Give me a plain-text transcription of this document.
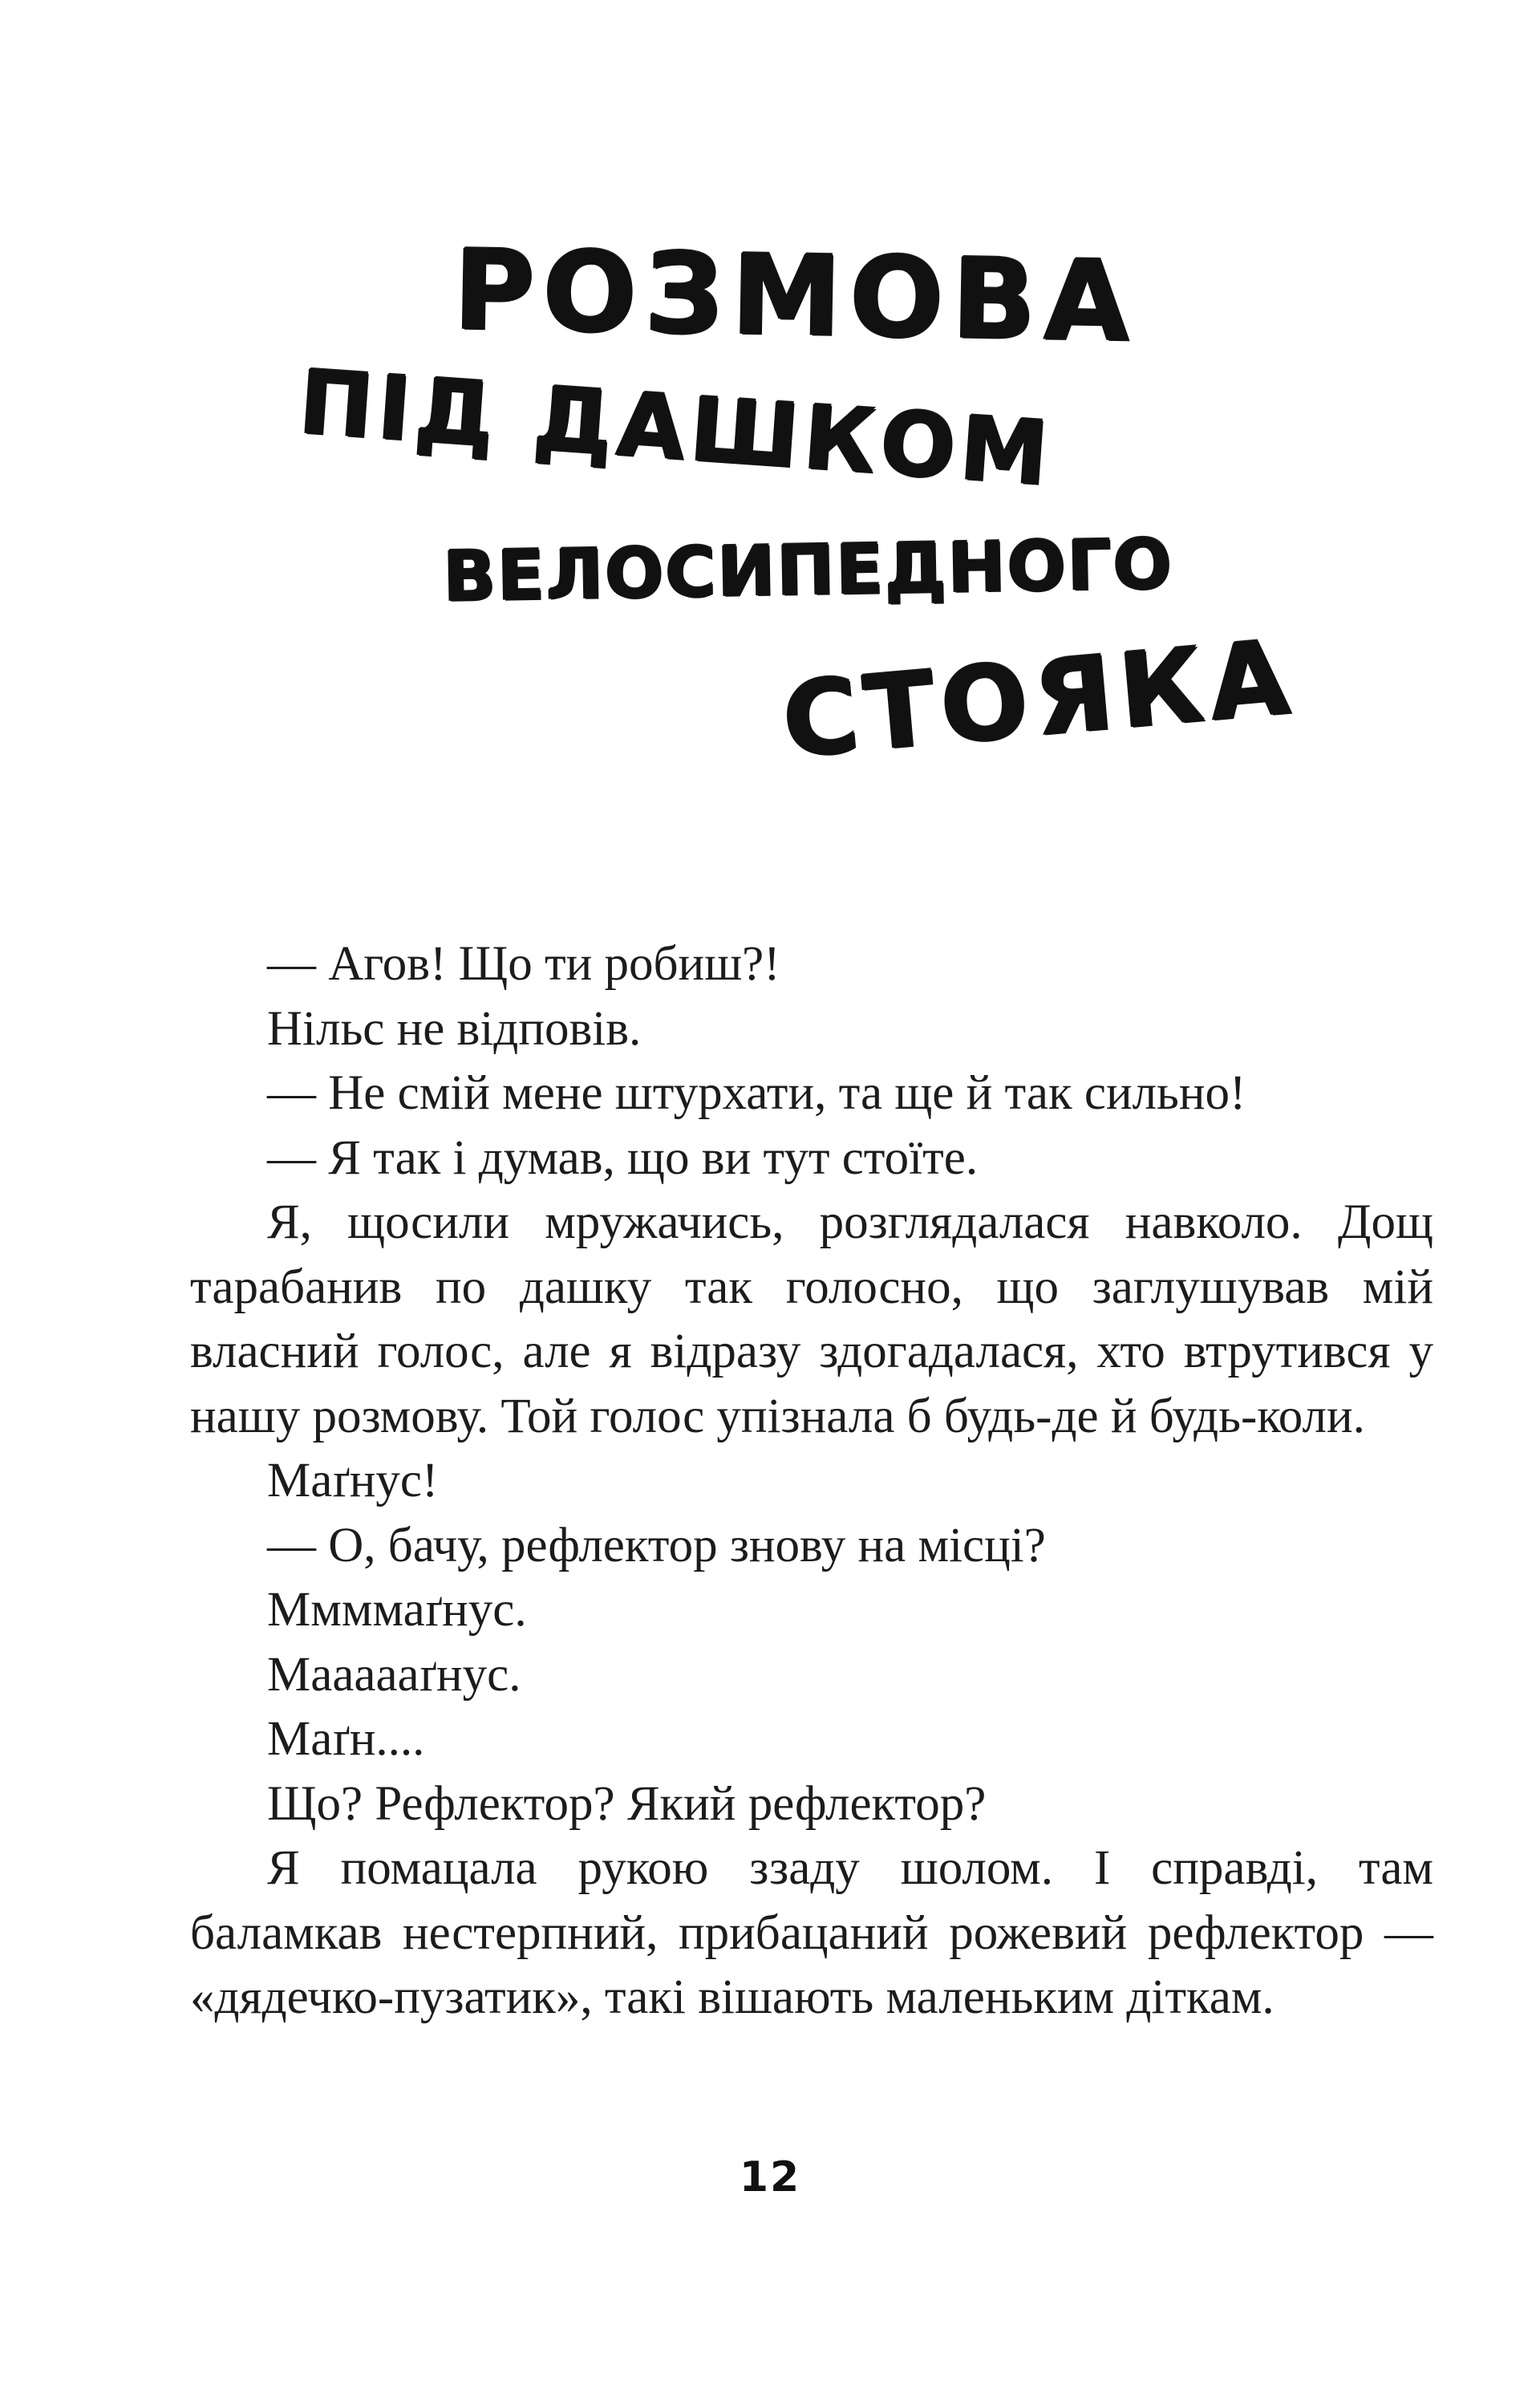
РОЗМОВА
ПІД ДАШКОМ
ВЕЛОСИПЕДНОГО
СТОЯКА

— Агов! Що ти робиш?!

Нільс не відповів.

— Не смій мене штурхати, та ще й так сильно!

— Я так і думав, що ви тут стоїте.

Я, щосили мружачись, розглядалася навколо. Дощ тарабанив по дашку так голосно, що заглушував мій власний голос, але я відразу здогадалася, хто втрутився у нашу розмову. Той голос упізнала б будь-де й будь-коли.

Маґнус!

— О, бачу, рефлектор знову на місці?

Ммммаґнус.

Маааааґнус.

Маґн....

Що? Рефлектор? Який рефлектор?

Я помацала рукою ззаду шолом. І справді, там баламкав нестерпний, прибацаний рожевий рефлектор — «дядечко-пузатик», такі вішають маленьким діткам.

12
